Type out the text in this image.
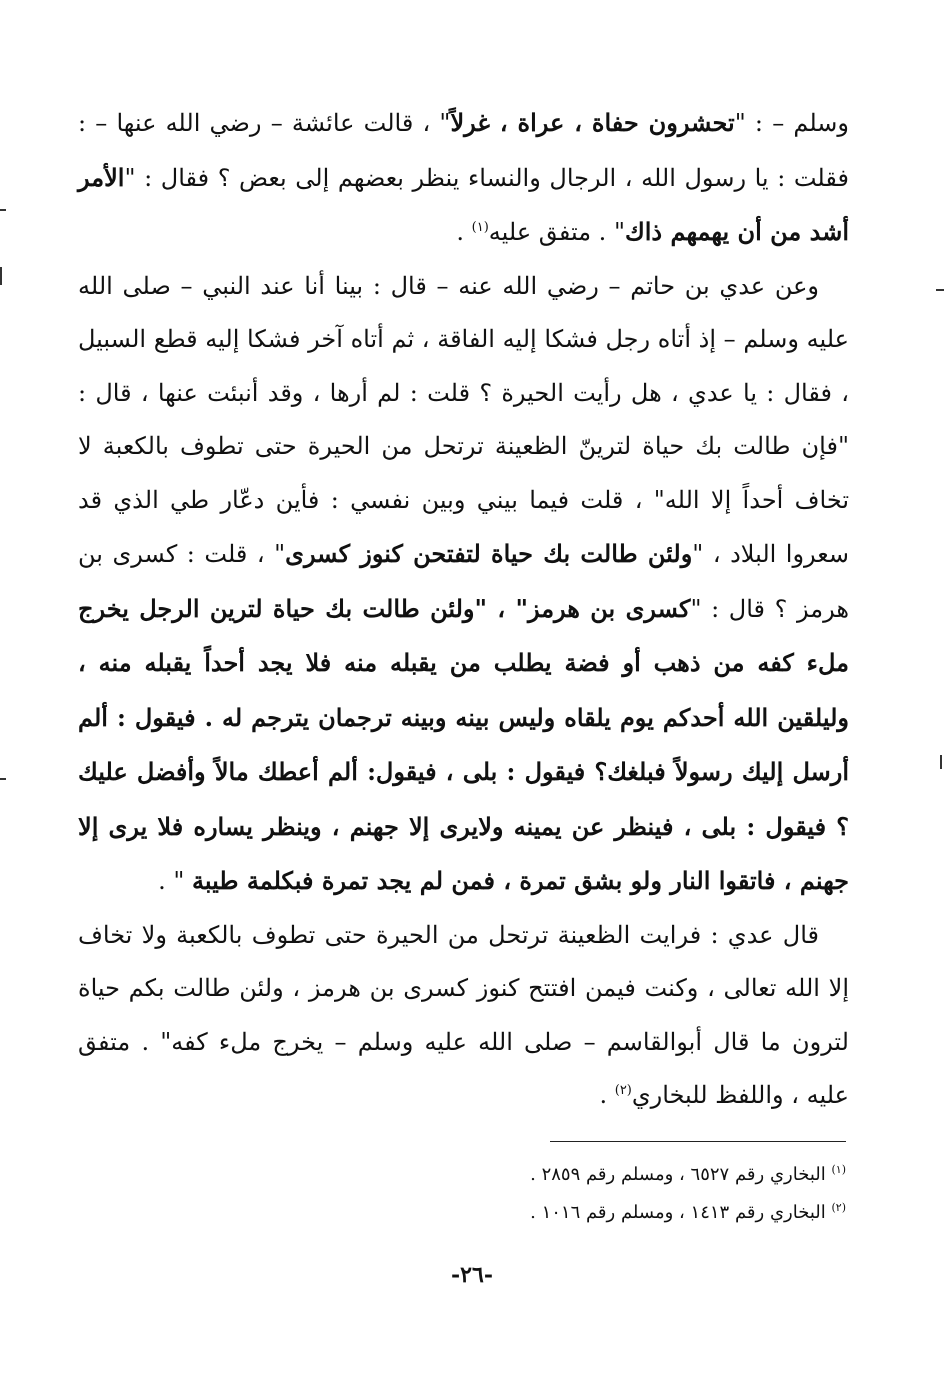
وسلم – : "تحشرون حفاة ، عراة ، غرلاً" ، قالت عائشة – رضي الله عنها – : فقلت : يا رسول الله ، الرجال والنساء ينظر بعضهم إلى بعض ؟ فقال : "الأمر أشد من أن يهمهم ذاك" . متفق عليه$^{(١)}$ .

وعن عدي بن حاتم – رضي الله عنه – قال : بينا أنا عند النبي – صلى الله عليه وسلم – إذ أتاه رجل فشكا إليه الفاقة ، ثم أتاه آخر فشكا إليه قطع السبيل ، فقال : يا عدي ، هل رأيت الحيرة ؟ قلت : لم أرها ، وقد أنبئت عنها ، قال : "فإن طالت بك حياة لترينّ الظعينة ترتحل من الحيرة حتى تطوف بالكعبة لا تخاف أحداً إلا الله" ، قلت فيما بيني وبين نفسي : فأين دعّار طي الذي قد سعروا البلاد ، "ولئن طالت بك حياة لتفتحن كنوز كسرى" ، قلت : كسرى بن هرمز ؟ قال : "كسرى بن هرمز" ، "ولئن طالت بك حياة لترين الرجل يخرج ملء كفه من ذهب أو فضة يطلب من يقبله منه فلا يجد أحداً يقبله منه ، وليلقين الله أحدكم يوم يلقاه وليس بينه وبينه ترجمان يترجم له . فيقول : ألم أرسل إليك رسولاً فبلغك؟ فيقول : بلى ، فيقول: ألم أعطك مالاً وأفضل عليك ؟ فيقول : بلى ، فينظر عن يمينه ولايرى إلا جهنم ، وينظر يساره فلا يرى إلا جهنم ، فاتقوا النار ولو بشق تمرة ، فمن لم يجد تمرة فبكلمة طيبة " .

قال عدي : فرايت الظعينة ترتحل من الحيرة حتى تطوف بالكعبة ولا تخاف إلا الله تعالى ، وكنت فيمن افتتح كنوز كسرى بن هرمز ، ولئن طالت بكم حياة لترون ما قال أبوالقاسم – صلى الله عليه وسلم – يخرج ملء كفه" . متفق عليه ، واللفظ للبخاري$^{(٢)}$ .

$^{(١)}$ البخاري رقم ٦٥٢٧ ، ومسلم رقم ٢٨٥٩ .

$^{(٢)}$ البخاري رقم ١٤١٣ ، ومسلم رقم ١٠١٦ .

-٢٦-
